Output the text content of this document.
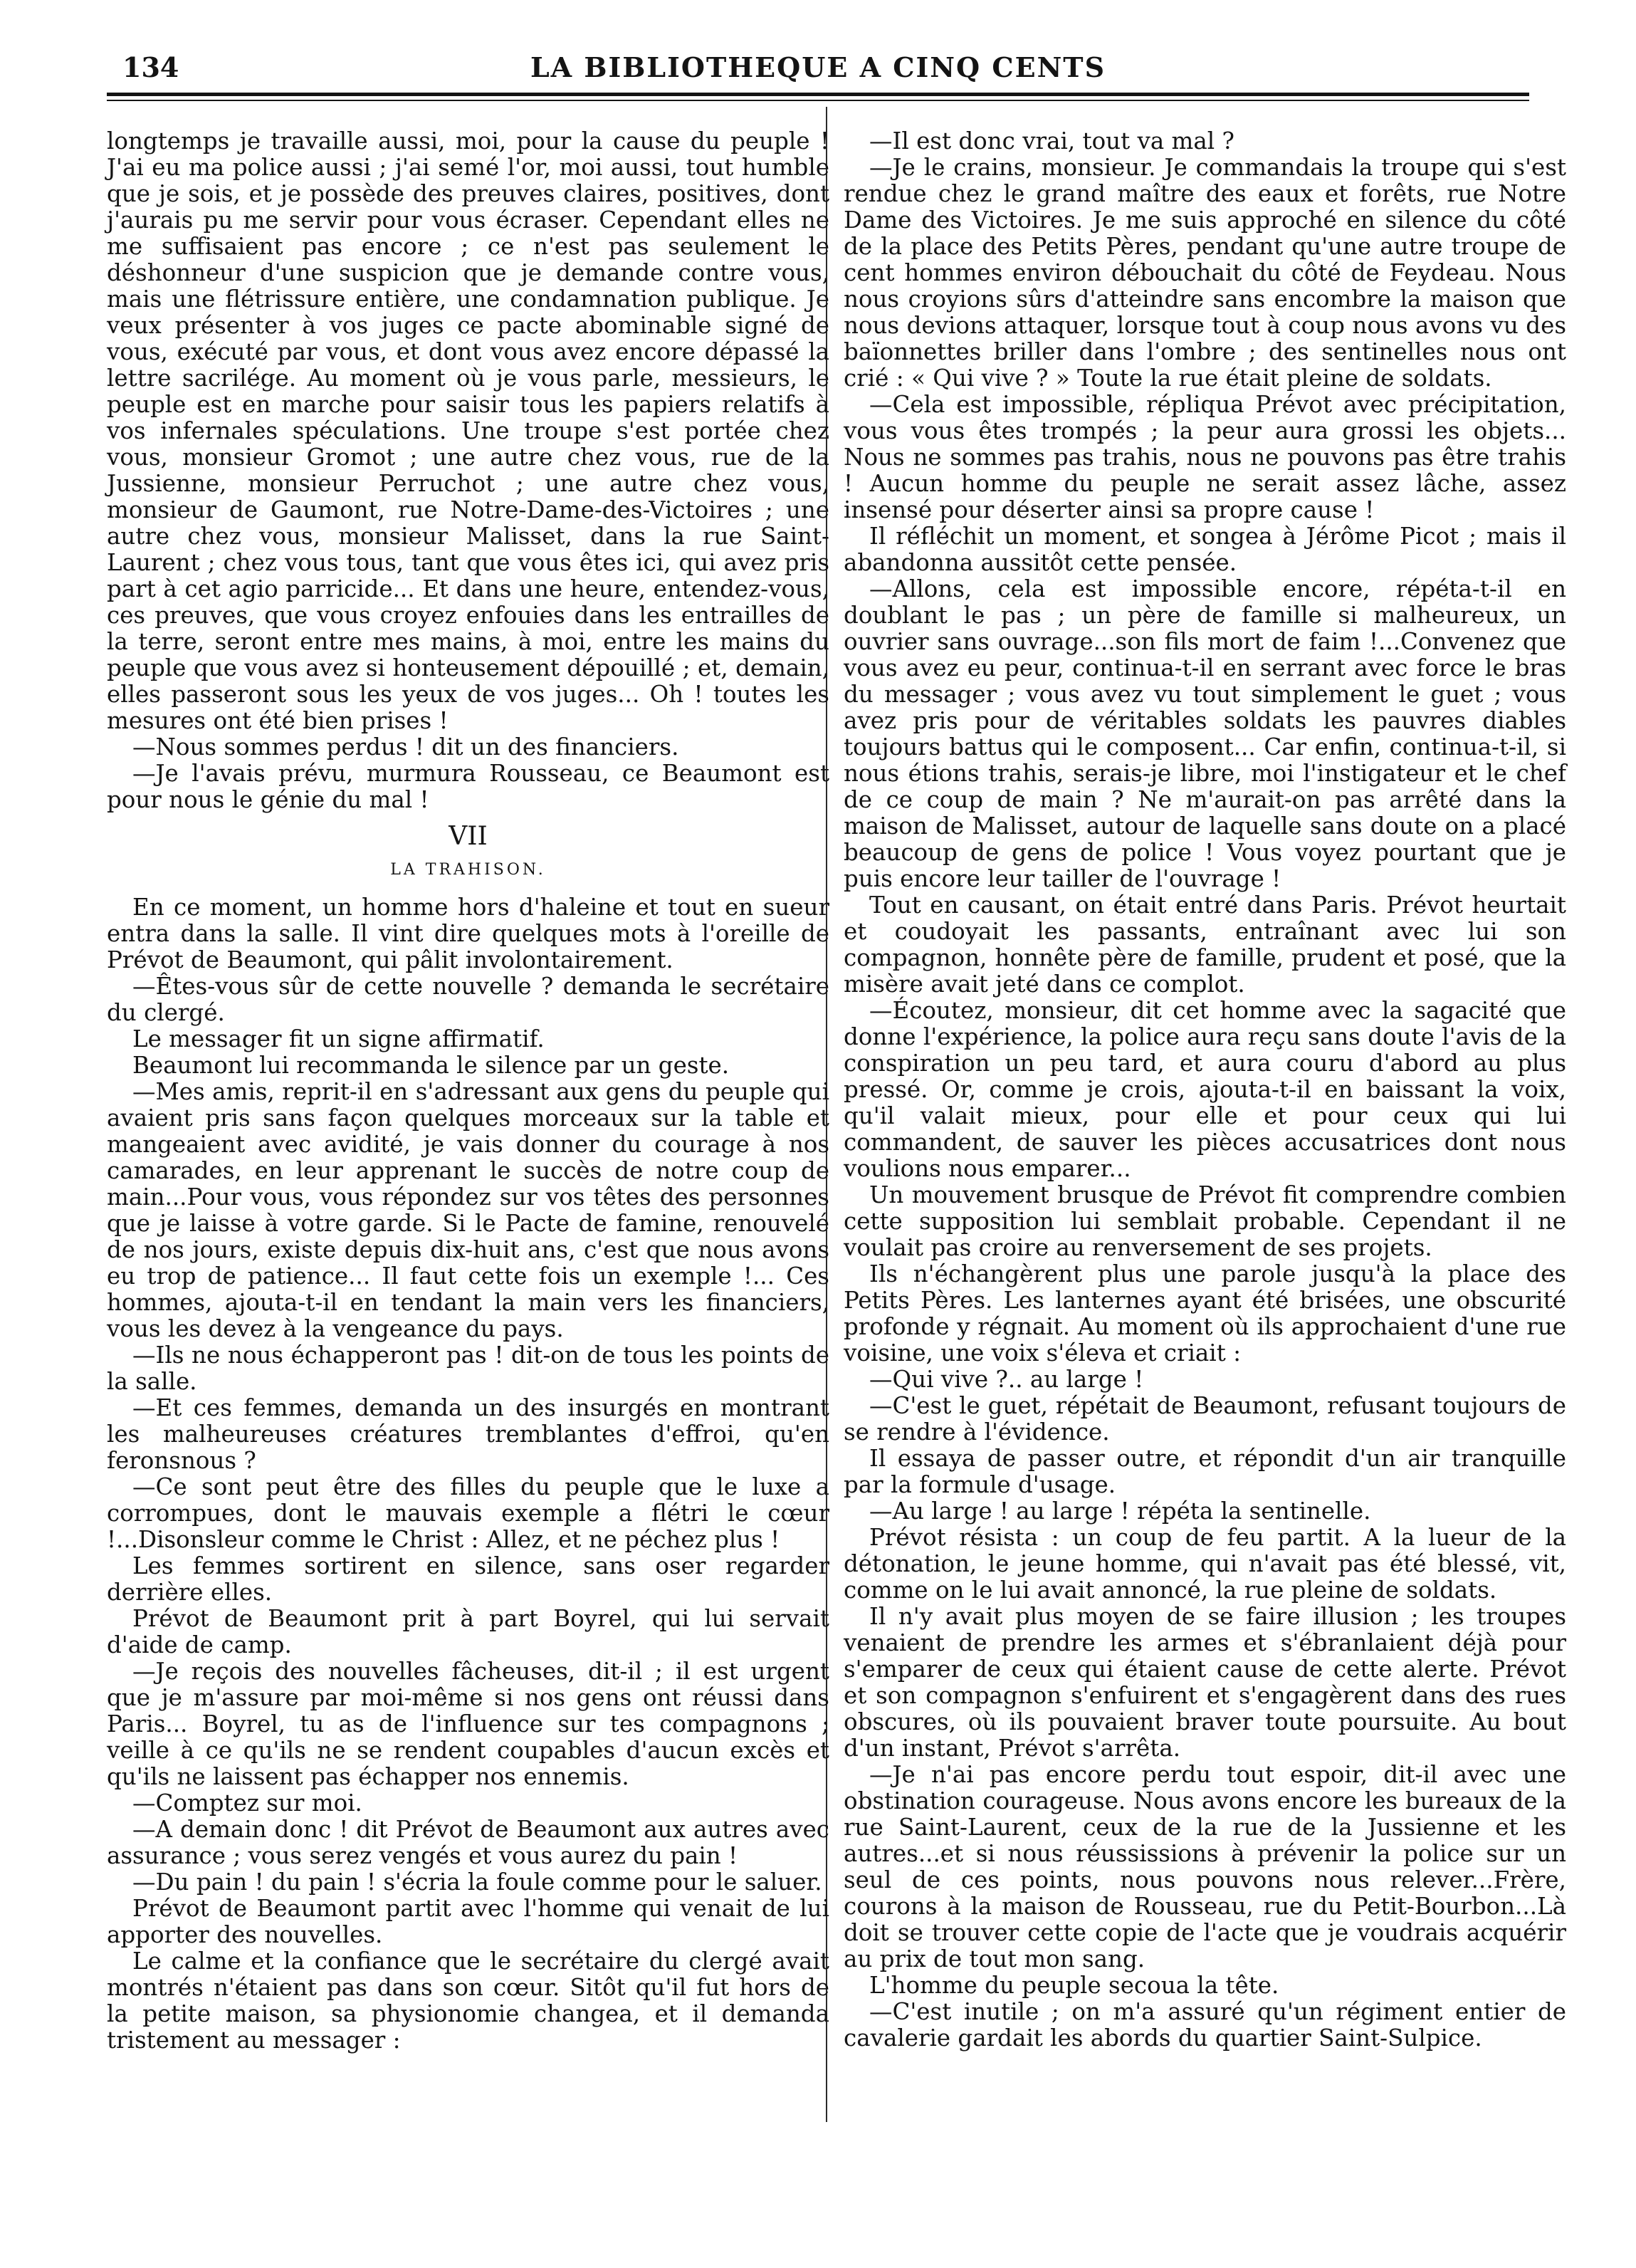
134	LA BIBLIOTHEQUE A CINQ CENTS

longtemps je travaille aussi, moi, pour la cause du peuple ! J'ai eu ma police aussi ; j'ai semé l'or, moi aussi, tout humble que je sois, et je possède des preuves claires, positives, dont j'aurais pu me servir pour vous écraser. Cependant elles ne me suffisaient pas encore ; ce n'est pas seulement le déshonneur d'une suspicion que je demande contre vous, mais une flétrissure entière, une condamnation publique. Je veux présenter à vos juges ce pacte abominable signé de vous, exécuté par vous, et dont vous avez encore dépassé la lettre sacrilége. Au moment où je vous parle, messieurs, le peuple est en marche pour saisir tous les papiers relatifs à vos infernales spéculations. Une troupe s'est portée chez vous, monsieur Gromot ; une autre chez vous, rue de la Jussienne, monsieur Perruchot ; une autre chez vous, monsieur de Gaumont, rue Notre-Dame-des-Victoires ; une autre chez vous, monsieur Malisset, dans la rue Saint-Laurent ; chez vous tous, tant que vous êtes ici, qui avez pris part à cet agio parricide... Et dans une heure, entendez-vous, ces preuves, que vous croyez enfouies dans les entrailles de la terre, seront entre mes mains, à moi, entre les mains du peuple que vous avez si honteusement dépouillé ; et, demain, elles passeront sous les yeux de vos juges... Oh ! toutes les mesures ont été bien prises !

—Nous sommes perdus ! dit un des financiers.

—Je l'avais prévu, murmura Rousseau, ce Beaumont est pour nous le génie du mal !

VII
LA TRAHISON.

En ce moment, un homme hors d'haleine et tout en sueur entra dans la salle. Il vint dire quelques mots à l'oreille de Prévot de Beaumont, qui pâlit involontairement.

—Êtes-vous sûr de cette nouvelle ? demanda le secrétaire du clergé.

Le messager fit un signe affirmatif.

Beaumont lui recommanda le silence par un geste.

—Mes amis, reprit-il en s'adressant aux gens du peuple qui avaient pris sans façon quelques morceaux sur la table et mangeaient avec avidité, je vais donner du courage à nos camarades, en leur apprenant le succès de notre coup de main...Pour vous, vous répondez sur vos têtes des personnes que je laisse à votre garde. Si le Pacte de famine, renouvelé de nos jours, existe depuis dix-huit ans, c'est que nous avons eu trop de patience... Il faut cette fois un exemple !... Ces hommes, ajouta-t-il en tendant la main vers les financiers, vous les devez à la vengeance du pays.

—Ils ne nous échapperont pas ! dit-on de tous les points de la salle.

—Et ces femmes, demanda un des insurgés en montrant les malheureuses créatures tremblantes d'effroi, qu'en feronsnous ?

—Ce sont peut être des filles du peuple que le luxe a corrompues, dont le mauvais exemple a flétri le cœur !...Disonsleur comme le Christ : Allez, et ne péchez plus !

Les femmes sortirent en silence, sans oser regarder derrière elles.

Prévot de Beaumont prit à part Boyrel, qui lui servait d'aide de camp.

—Je reçois des nouvelles fâcheuses, dit-il ; il est urgent que je m'assure par moi-même si nos gens ont réussi dans Paris... Boyrel, tu as de l'influence sur tes compagnons ; veille à ce qu'ils ne se rendent coupables d'aucun excès et qu'ils ne laissent pas échapper nos ennemis.

—Comptez sur moi.

—A demain donc ! dit Prévot de Beaumont aux autres avec assurance ; vous serez vengés et vous aurez du pain !

—Du pain ! du pain ! s'écria la foule comme pour le saluer.

Prévot de Beaumont partit avec l'homme qui venait de lui apporter des nouvelles.

Le calme et la confiance que le secrétaire du clergé avait montrés n'étaient pas dans son cœur. Sitôt qu'il fut hors de la petite maison, sa physionomie changea, et il demanda tristement au messager :

—Il est donc vrai, tout va mal ?

—Je le crains, monsieur. Je commandais la troupe qui s'est rendue chez le grand maître des eaux et forêts, rue Notre Dame des Victoires. Je me suis approché en silence du côté de la place des Petits Pères, pendant qu'une autre troupe de cent hommes environ débouchait du côté de Feydeau. Nous nous croyions sûrs d'atteindre sans encombre la maison que nous devions attaquer, lorsque tout à coup nous avons vu des baïonnettes briller dans l'ombre ; des sentinelles nous ont crié : « Qui vive ? » Toute la rue était pleine de soldats.

—Cela est impossible, répliqua Prévot avec précipitation, vous vous êtes trompés ; la peur aura grossi les objets... Nous ne sommes pas trahis, nous ne pouvons pas être trahis ! Aucun homme du peuple ne serait assez lâche, assez insensé pour déserter ainsi sa propre cause !

Il réfléchit un moment, et songea à Jérôme Picot ; mais il abandonna aussitôt cette pensée.

—Allons, cela est impossible encore, répéta-t-il en doublant le pas ; un père de famille si malheureux, un ouvrier sans ouvrage...son fils mort de faim !...Convenez que vous avez eu peur, continua-t-il en serrant avec force le bras du messager ; vous avez vu tout simplement le guet ; vous avez pris pour de véritables soldats les pauvres diables toujours battus qui le composent... Car enfin, continua-t-il, si nous étions trahis, serais-je libre, moi l'instigateur et le chef de ce coup de main ? Ne m'aurait-on pas arrêté dans la maison de Malisset, autour de laquelle sans doute on a placé beaucoup de gens de police ! Vous voyez pourtant que je puis encore leur tailler de l'ouvrage !

Tout en causant, on était entré dans Paris. Prévot heurtait et coudoyait les passants, entraînant avec lui son compagnon, honnête père de famille, prudent et posé, que la misère avait jeté dans ce complot.

—Écoutez, monsieur, dit cet homme avec la sagacité que donne l'expérience, la police aura reçu sans doute l'avis de la conspiration un peu tard, et aura couru d'abord au plus pressé. Or, comme je crois, ajouta-t-il en baissant la voix, qu'il valait mieux, pour elle et pour ceux qui lui commandent, de sauver les pièces accusatrices dont nous voulions nous emparer...

Un mouvement brusque de Prévot fit comprendre combien cette supposition lui semblait probable. Cependant il ne voulait pas croire au renversement de ses projets.

Ils n'échangèrent plus une parole jusqu'à la place des Petits Pères. Les lanternes ayant été brisées, une obscurité profonde y régnait. Au moment où ils approchaient d'une rue voisine, une voix s'éleva et criait :

—Qui vive ?.. au large !

—C'est le guet, répétait de Beaumont, refusant toujours de se rendre à l'évidence.

Il essaya de passer outre, et répondit d'un air tranquille par la formule d'usage.

—Au large ! au large ! répéta la sentinelle.

Prévot résista : un coup de feu partit. A la lueur de la détonation, le jeune homme, qui n'avait pas été blessé, vit, comme on le lui avait annoncé, la rue pleine de soldats.

Il n'y avait plus moyen de se faire illusion ; les troupes venaient de prendre les armes et s'ébranlaient déjà pour s'emparer de ceux qui étaient cause de cette alerte. Prévot et son compagnon s'enfuirent et s'engagèrent dans des rues obscures, où ils pouvaient braver toute poursuite. Au bout d'un instant, Prévot s'arrêta.

—Je n'ai pas encore perdu tout espoir, dit-il avec une obstination courageuse. Nous avons encore les bureaux de la rue Saint-Laurent, ceux de la rue de la Jussienne et les autres...et si nous réussissions à prévenir la police sur un seul de ces points, nous pouvons nous relever...Frère, courons à la maison de Rousseau, rue du Petit-Bourbon...Là doit se trouver cette copie de l'acte que je voudrais acquérir au prix de tout mon sang.

L'homme du peuple secoua la tête.

—C'est inutile ; on m'a assuré qu'un régiment entier de cavalerie gardait les abords du quartier Saint-Sulpice.
